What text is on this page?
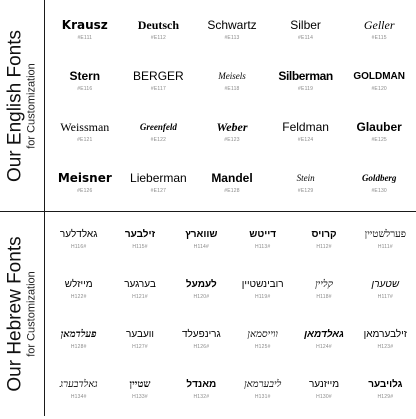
Our English Fonts for Customization
Our Hebrew Fonts for Customization
Krausz
#E111
Deutsch
#E112
Schwartz
#E113
Silber
#E114
Geller
#E115
Stern
#E116
BERGER
#E117
Meisels
#E118
Silberman
#E119
GOLDMAN
#E120
Weissman
#E121
Greenfeld
#E122
Weber
#E123
Feldman
#E124
Glauber
#E125
Meisner
#E126
Lieberman
#E127
Mandel
#E128
Stein
#E129
Goldberg
#E130
פערלשטיין
#H111
קרויס
#H112
דייטש
#H113
שווארץ
#H114
זילבער
#H115
גאלדלער
#H116
שטערן
#H117
קליין
#H118
רובינשטיין
#H119
לעמעל
#H120
בערגער
#H121
מייזלש
#H122
זילבערמאן
#H123
גאלדמאן
#H124
ווייסמאן
#H125
גרינפעלד
#H126
וועבער
#H127
פעלדמאן
#H128
גלויבער
#H129
מייזנער
#H130
ליבערמאן
#H131
מאנדל
#H132
שטיין
#H133
גאלדבערג
#H134
